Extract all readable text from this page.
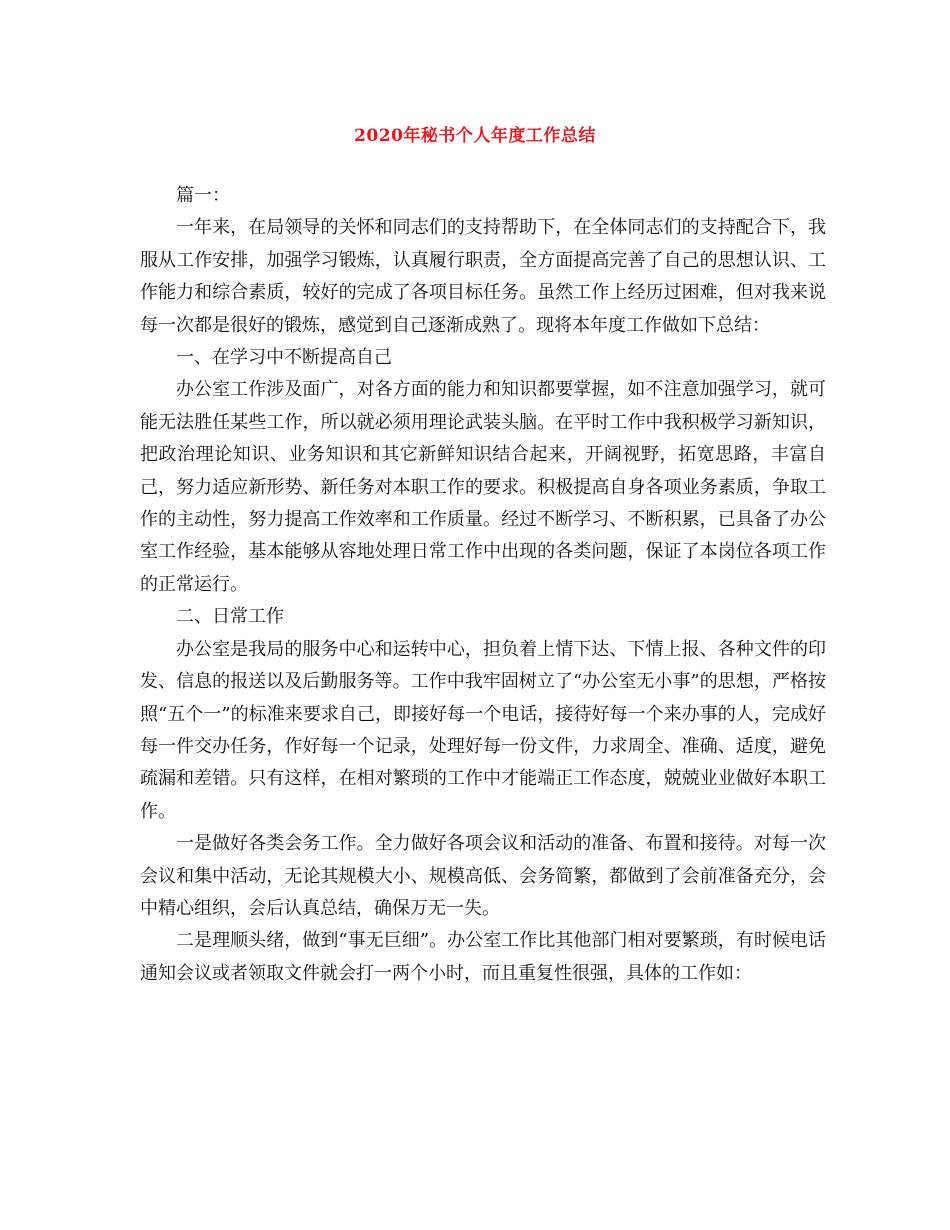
2020年秘书个人年度工作总结

篇一：

一年来，在局领导的关怀和同志们的支持帮助下，在全体同志们的支持配合下，我服从工作安排，加强学习锻炼，认真履行职责，全方面提高完善了自己的思想认识、工作能力和综合素质，较好的完成了各项目标任务。虽然工作上经历过困难，但对我来说每一次都是很好的锻炼，感觉到自己逐渐成熟了。现将本年度工作做如下总结：

一、在学习中不断提高自己

办公室工作涉及面广，对各方面的能力和知识都要掌握，如不注意加强学习，就可能无法胜任某些工作，所以就必须用理论武装头脑。在平时工作中我积极学习新知识，把政治理论知识、业务知识和其它新鲜知识结合起来，开阔视野，拓宽思路，丰富自己，努力适应新形势、新任务对本职工作的要求。积极提高自身各项业务素质，争取工作的主动性，努力提高工作效率和工作质量。经过不断学习、不断积累，已具备了办公室工作经验，基本能够从容地处理日常工作中出现的各类问题，保证了本岗位各项工作的正常运行。

二、日常工作

办公室是我局的服务中心和运转中心，担负着上情下达、下情上报、各种文件的印发、信息的报送以及后勤服务等。工作中我牢固树立了“办公室无小事”的思想，严格按照“五个一”的标准来要求自己，即接好每一个电话，接待好每一个来办事的人，完成好每一件交办任务，作好每一个记录，处理好每一份文件，力求周全、准确、适度，避免疏漏和差错。只有这样，在相对繁琐的工作中才能端正工作态度，兢兢业业做好本职工作。

一是做好各类会务工作。全力做好各项会议和活动的准备、布置和接待。对每一次会议和集中活动，无论其规模大小、规模高低、会务简繁，都做到了会前准备充分，会中精心组织，会后认真总结，确保万无一失。

二是理顺头绪，做到“事无巨细”。办公室工作比其他部门相对要繁琐，有时候电话通知会议或者领取文件就会打一两个小时，而且重复性很强，具体的工作如：
